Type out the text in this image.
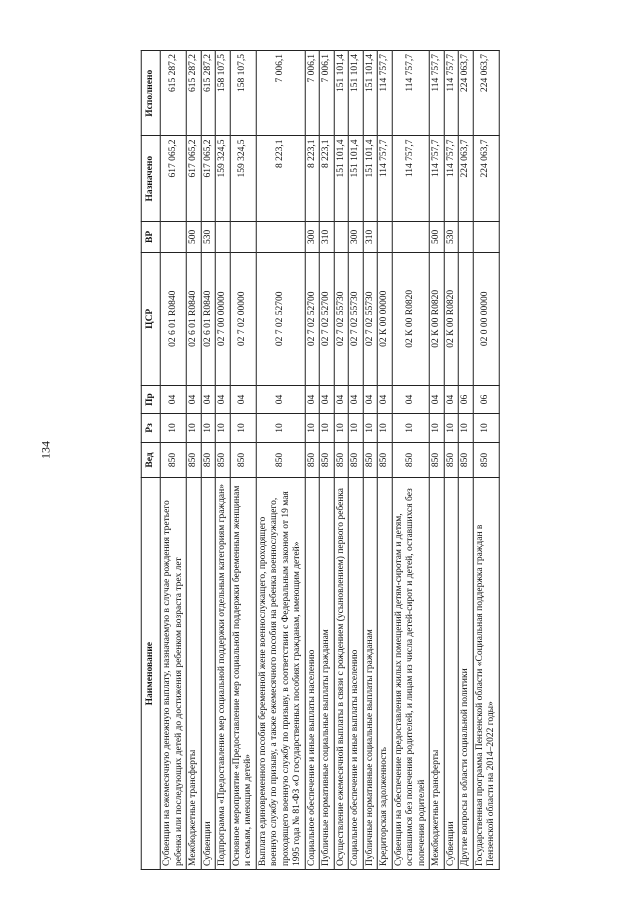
134
Наименование	Вед	Рз	Пр	ЦСР	ВР	Назначено	Исполнено
Субвенции на ежемесячную денежную выплату, назначаемую в случае рождения третьего ребенка или последующих детей до достижения ребенком возраста трех лет	850	10	04	02 6 01 R0840		617 065,2	615 287,2
Межбюджетные трансферты	850	10	04	02 6 01 R0840	500	617 065,2	615 287,2
Субвенции	850	10	04	02 6 01 R0840	530	617 065,2	615 287,2
Подпрограмма «Предоставление мер социальной поддержки отдельным категориям граждан»	850	10	04	02 7 00 00000		159 324,5	158 107,5
Основное мероприятие «Предоставление мер социальной поддержки беременным женщинам и семьям, имеющим детей»	850	10	04	02 7 02 00000		159 324,5	158 107,5
Выплата единовременного пособия беременной жене военнослужащего, проходящего военную службу по призыву, а также ежемесячного пособия на ребенка военнослужащего, проходящего военную службу по призыву, в соответствии с Федеральным законом от 19 мая 1995 года № 81-ФЗ «О государственных пособиях гражданам, имеющим детей»	850	10	04	02 7 02 52700		8 223,1	7 006,1
Социальное обеспечение и иные выплаты населению	850	10	04	02 7 02 52700	300	8 223,1	7 006,1
Публичные нормативные социальные выплаты гражданам	850	10	04	02 7 02 52700	310	8 223,1	7 006,1
Осуществление ежемесячной выплаты в связи с рождением (усыновлением) первого ребенка	850	10	04	02 7 02 55730		151 101,4	151 101,4
Социальное обеспечение и иные выплаты населению	850	10	04	02 7 02 55730	300	151 101,4	151 101,4
Публичные нормативные социальные выплаты гражданам	850	10	04	02 7 02 55730	310	151 101,4	151 101,4
Кредиторская задолженность	850	10	04	02 К 00 00000		114 757,7	114 757,7
Субвенции на обеспечение предоставления жилых помещений детям-сиротам и детям, оставшимся без попечения родителей, и лицам из числа детей-сирот и детей, оставшихся без попечения родителей	850	10	04	02 К 00 R0820		114 757,7	114 757,7
Межбюджетные трансферты	850	10	04	02 К 00 R0820	500	114 757,7	114 757,7
Субвенции	850	10	04	02 К 00 R0820	530	114 757,7	114 757,7
Другие вопросы в области социальной политики	850	10	06			224 063,7	224 063,7
Государственная программа Пензенской области «Социальная поддержка граждан в Пензенской области на 2014–2022 годы»	850	10	06	02 0 00 00000		224 063,7	224 063,7
